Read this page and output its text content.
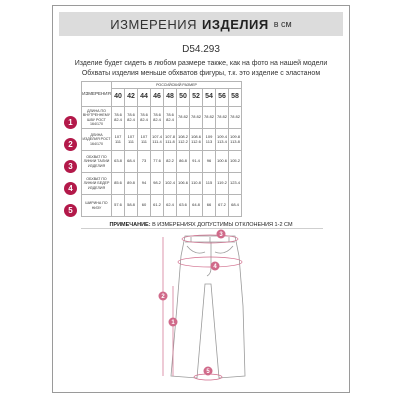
ИЗМЕРЕНИЯ ИЗДЕЛИЯ в см
D54.293
Изделие будет сидеть в любом размере также, как на фото на нашей модели
Обхваты изделия меньше обхватов фигуры, т.к. это изделие с эластаном
ИЗМЕРЕНИЯ	РОССИЙСКИЙ РАЗМЕР									
	40	42	44	46	48	50	52	54	56	58
ДЛИНА ПО ВНУТРЕННЕМУ ШВУ РОСТ 164/170	78.6 82.4	78.6 82.4	78.6 82.4	78.6 82.4	78.6 82.4	78 82	78 82	78 82	78 82	78 82
ДЛИНА ИЗДЕЛИЯ РОСТ 164/170	107 111	107 111	107 111	107.4 111.4	107.8 111.8	108.2 112.2	108.6 112.6	109 113	109.4 113.4	109.8 113.8
ОБХВАТ ПО ЛИНИИ ТАЛИИ ИЗДЕЛИЯ	63.8	68.4	73	77.6	82.2	86.8	91.4	96	100.6	105.2
ОБХВАТ ПО ЛИНИИ БЕДЕР ИЗДЕЛИЯ	85.6	89.8	94	98.2	102.4	106.6	110.8	115	119.2	123.4
ШИРИНА ПО НИЗУ	57.6	58.8	60	61.2	62.4	63.6	64.8	66	67.2	68.4
1
2
3
4
5
ПРИМЕЧАНИЕ: В ИЗМЕРЕНИЯХ ДОПУСТИМЫ ОТКЛОНЕНИЯ 1-2 СМ
1
2
3
4
5
